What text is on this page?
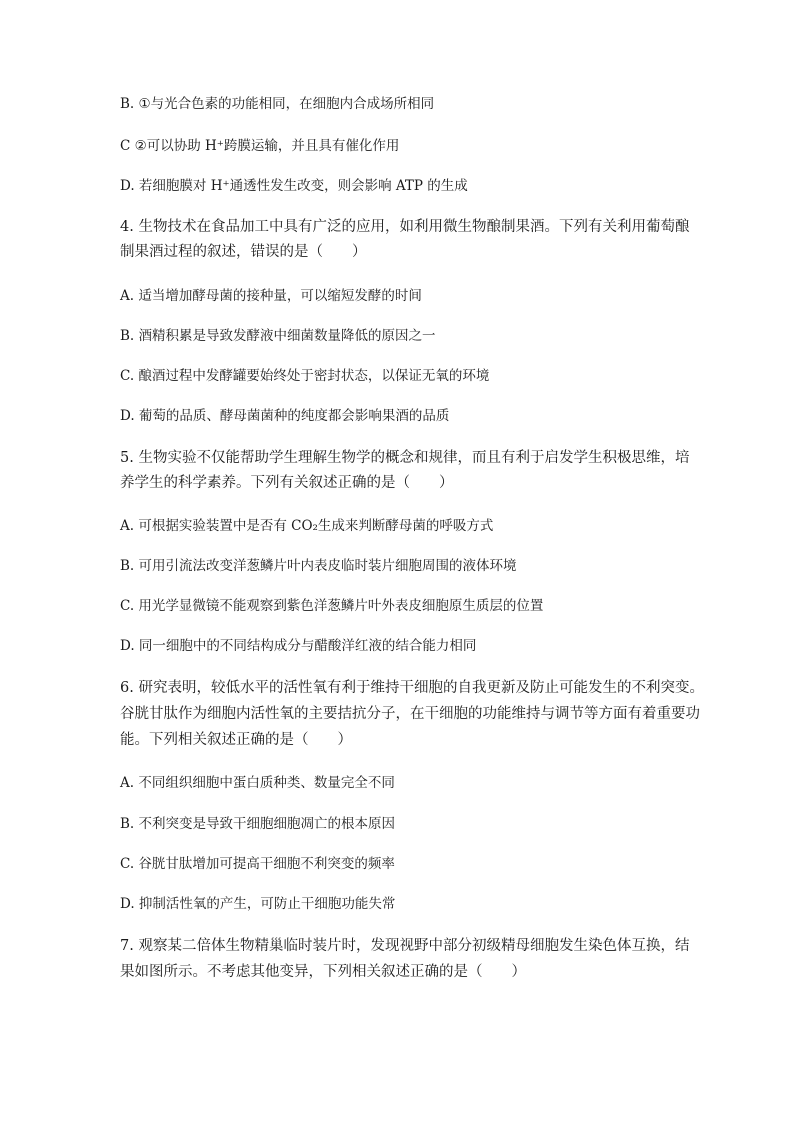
B. ①与光合色素的功能相同，在细胞内合成场所相同
C ②可以协助 H⁺跨膜运输，并且具有催化作用
D. 若细胞膜对 H⁺通透性发生改变，则会影响 ATP 的生成
4. 生物技术在食品加工中具有广泛的应用，如利用微生物酿制果酒。下列有关利用葡萄酿
制果酒过程的叙述，错误的是（　　）
A. 适当增加酵母菌的接种量，可以缩短发酵的时间
B. 酒精积累是导致发酵液中细菌数量降低的原因之一
C. 酿酒过程中发酵罐要始终处于密封状态，以保证无氧的环境
D. 葡萄的品质、酵母菌菌种的纯度都会影响果酒的品质
5. 生物实验不仅能帮助学生理解生物学的概念和规律，而且有利于启发学生积极思维，培
养学生的科学素养。下列有关叙述正确的是（　　）
A. 可根据实验装置中是否有 CO₂生成来判断酵母菌的呼吸方式
B. 可用引流法改变洋葱鳞片叶内表皮临时装片细胞周围的液体环境
C. 用光学显微镜不能观察到紫色洋葱鳞片叶外表皮细胞原生质层的位置
D. 同一细胞中的不同结构成分与醋酸洋红液的结合能力相同
6. 研究表明，较低水平的活性氧有利于维持干细胞的自我更新及防止可能发生的不利突变。
谷胱甘肽作为细胞内活性氧的主要拮抗分子，在干细胞的功能维持与调节等方面有着重要功
能。下列相关叙述正确的是（　　）
A. 不同组织细胞中蛋白质种类、数量完全不同
B. 不利突变是导致干细胞细胞凋亡的根本原因
C. 谷胱甘肽增加可提高干细胞不利突变的频率
D. 抑制活性氧的产生，可防止干细胞功能失常
7. 观察某二倍体生物精巢临时装片时，发现视野中部分初级精母细胞发生染色体互换，结
果如图所示。不考虑其他变异，下列相关叙述正确的是（　　）
